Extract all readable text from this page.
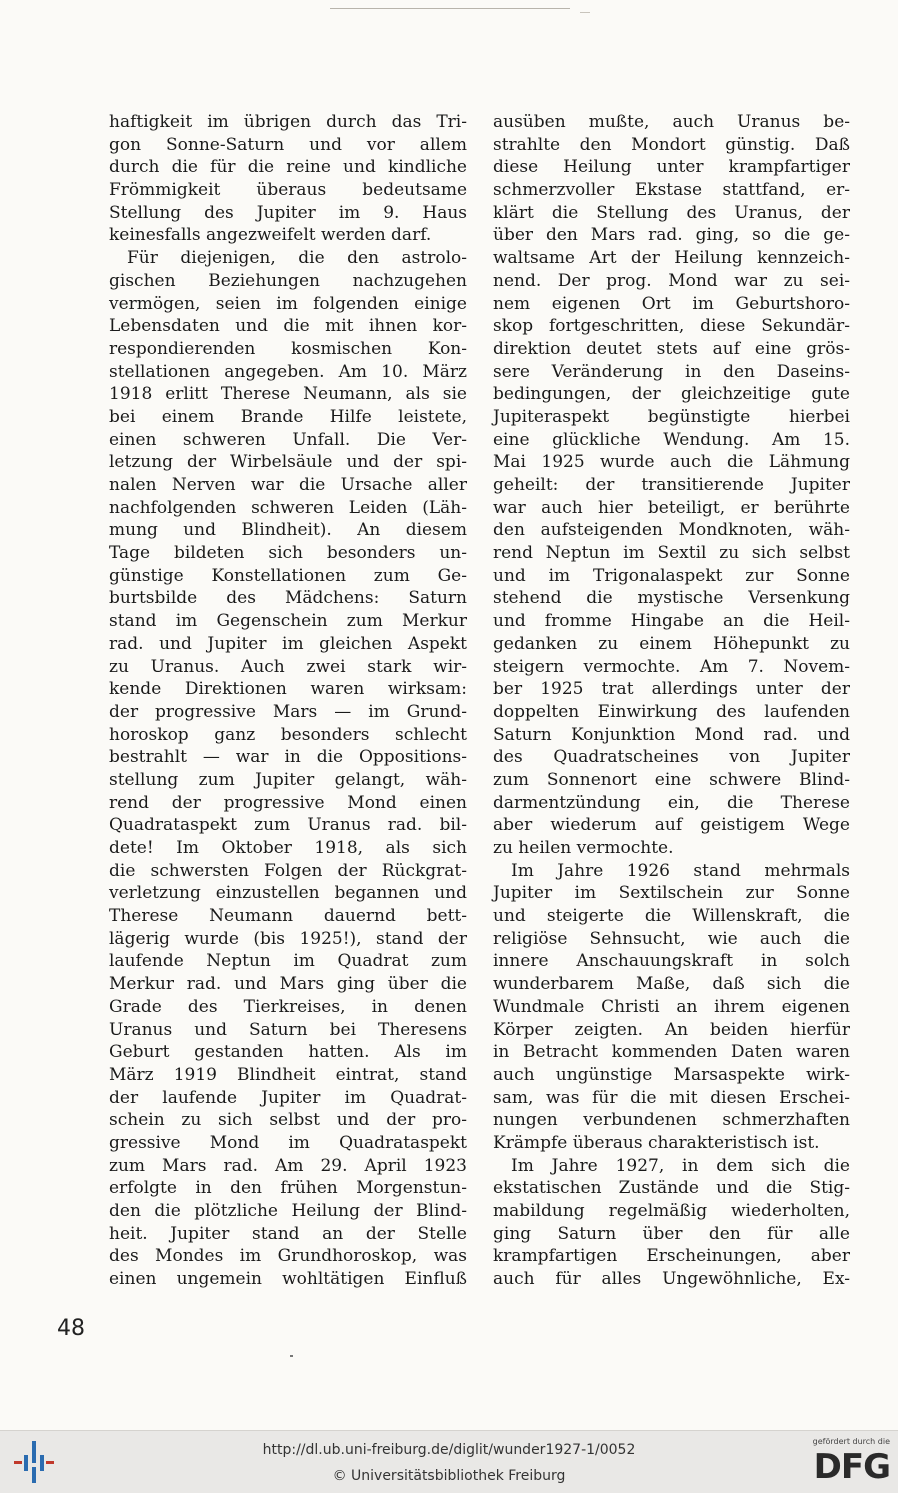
haftigkeit im übrigen durch das Tri-
gon Sonne-Saturn und vor allem
durch die für die reine und kindliche
Frömmigkeit überaus bedeutsame
Stellung des Jupiter im 9. Haus
keinesfalls angezweifelt werden darf.
Für diejenigen, die den astrolo-
gischen Beziehungen nachzugehen
vermögen, seien im folgenden einige
Lebensdaten und die mit ihnen kor-
respondierenden kosmischen Kon-
stellationen angegeben. Am 10. März
1918 erlitt Therese Neumann, als sie
bei einem Brande Hilfe leistete,
einen schweren Unfall. Die Ver-
letzung der Wirbelsäule und der spi-
nalen Nerven war die Ursache aller
nachfolgenden schweren Leiden (Läh-
mung und Blindheit). An diesem
Tage bildeten sich besonders un-
günstige Konstellationen zum Ge-
burtsbilde des Mädchens: Saturn
stand im Gegenschein zum Merkur
rad. und Jupiter im gleichen Aspekt
zu Uranus. Auch zwei stark wir-
kende Direktionen waren wirksam:
der progressive Mars — im Grund-
horoskop ganz besonders schlecht
bestrahlt — war in die Oppositions-
stellung zum Jupiter gelangt, wäh-
rend der progressive Mond einen
Quadrataspekt zum Uranus rad. bil-
dete! Im Oktober 1918, als sich
die schwersten Folgen der Rückgrat-
verletzung einzustellen begannen und
Therese Neumann dauernd bett-
lägerig wurde (bis 1925!), stand der
laufende Neptun im Quadrat zum
Merkur rad. und Mars ging über die
Grade des Tierkreises, in denen
Uranus und Saturn bei Theresens
Geburt gestanden hatten. Als im
März 1919 Blindheit eintrat, stand
der laufende Jupiter im Quadrat-
schein zu sich selbst und der pro-
gressive Mond im Quadrataspekt
zum Mars rad. Am 29. April 1923
erfolgte in den frühen Morgenstun-
den die plötzliche Heilung der Blind-
heit. Jupiter stand an der Stelle
des Mondes im Grundhoroskop, was
einen ungemein wohltätigen Einfluß
ausüben mußte, auch Uranus be-
strahlte den Mondort günstig. Daß
diese Heilung unter krampfartiger
schmerzvoller Ekstase stattfand, er-
klärt die Stellung des Uranus, der
über den Mars rad. ging, so die ge-
waltsame Art der Heilung kennzeich-
nend. Der prog. Mond war zu sei-
nem eigenen Ort im Geburtshoro-
skop fortgeschritten, diese Sekundär-
direktion deutet stets auf eine grös-
sere Veränderung in den Daseins-
bedingungen, der gleichzeitige gute
Jupiteraspekt begünstigte hierbei
eine glückliche Wendung. Am 15.
Mai 1925 wurde auch die Lähmung
geheilt: der transitierende Jupiter
war auch hier beteiligt, er berührte
den aufsteigenden Mondknoten, wäh-
rend Neptun im Sextil zu sich selbst
und im Trigonalaspekt zur Sonne
stehend die mystische Versenkung
und fromme Hingabe an die Heil-
gedanken zu einem Höhepunkt zu
steigern vermochte. Am 7. Novem-
ber 1925 trat allerdings unter der
doppelten Einwirkung des laufenden
Saturn Konjunktion Mond rad. und
des Quadratscheines von Jupiter
zum Sonnenort eine schwere Blind-
darmentzündung ein, die Therese
aber wiederum auf geistigem Wege
zu heilen vermochte.
Im Jahre 1926 stand mehrmals
Jupiter im Sextilschein zur Sonne
und steigerte die Willenskraft, die
religiöse Sehnsucht, wie auch die
innere Anschauungskraft in solch
wunderbarem Maße, daß sich die
Wundmale Christi an ihrem eigenen
Körper zeigten. An beiden hierfür
in Betracht kommenden Daten waren
auch ungünstige Marsaspekte wirk-
sam, was für die mit diesen Erschei-
nungen verbundenen schmerzhaften
Krämpfe überaus charakteristisch ist.
Im Jahre 1927, in dem sich die
ekstatischen Zustände und die Stig-
mabildung regelmäßig wiederholten,
ging Saturn über den für alle
krampfartigen Erscheinungen, aber
auch für alles Ungewöhnliche, Ex-
48
http://dl.ub.uni-freiburg.de/diglit/wunder1927-1/0052
© Universitätsbibliothek Freiburg
gefördert durch die
DFG
